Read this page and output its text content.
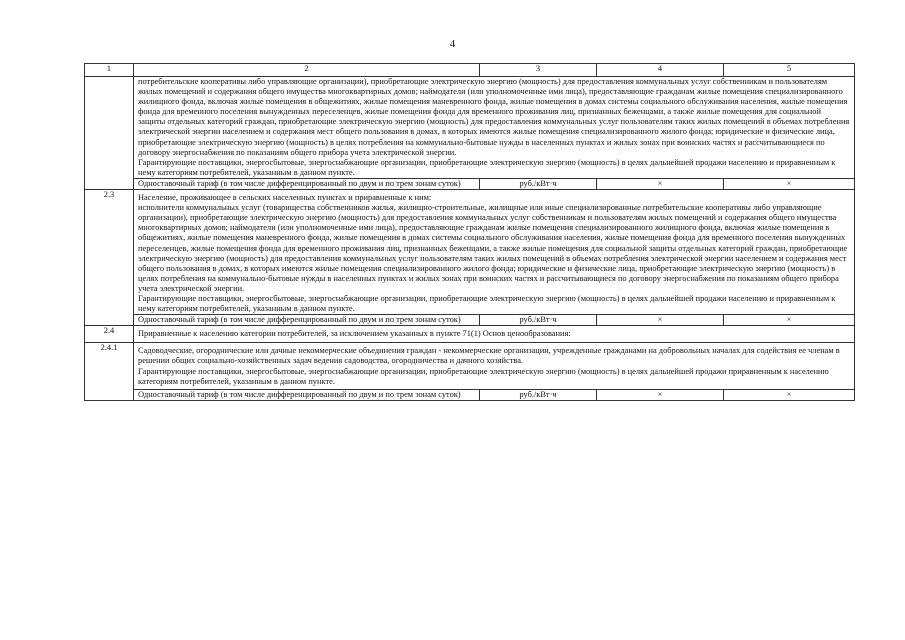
4
1	2	3	4	5

	потребительские кооперативы либо управляющие организации), приобретающие электрическую энергию (мощность) для предоставления коммунальных услуг собственникам и пользователям жилых помещений и содержания общего имущества многоквартирных домов; наймодатели (или уполномоченные ими лица), предоставляющие гражданам жилые помещения специализированного жилищного фонда, включая жилые помещения в общежитиях, жилые помещения маневренного фонда, жилые помещения в домах системы социального обслуживания населения, жилые помещения фонда для временного поселения вынужденных переселенцев, жилые помещения фонда для временного проживания лиц, признанных беженцами, а также жилые помещения для социальной защиты отдельных категорий граждан, приобретающие электрическую энергию (мощность) для предоставления коммунальных услуг пользователям таких жилых помещений в объемах потребления электрической энергии населением и содержания мест общего пользования в домах, в которых имеются жилые помещения специализированного жилого фонда; юридические и физические лица, приобретающие электрическую энергию (мощность) в целях потребления на коммунально-бытовые нужды в населенных пунктах и жилых зонах при воинских частях и рассчитывающиеся по договору энергоснабжения по показаниям общего прибора учета электрической энергии.

Гарантирующие поставщики, энергосбытовые, энергоснабжающие организации, приобретающие электрическую энергию (мощность) в целях дальнейшей продажи населению и приравненным к нему категориям потребителей, указанным в данном пункте.			

	Одноставочный тариф (в том числе дифференцированный по двум и по трем зонам суток)	руб./кВт·ч	×	×
2.3	Население, проживающее в сельских населенных пунктах и приравненные к ним:

исполнители коммунальных услуг (товарищества собственников жилья, жилищно-строительные, жилищные или иные специализированные потребительские кооперативы либо управляющие организации), приобретающие электрическую энергию (мощность) для предоставления коммунальных услуг собственникам и пользователям жилых помещений и содержания общего имущества многоквартирных домов; наймодатели (или уполномоченные ими лица), предоставляющие гражданам жилые помещения специализированного жилищного фонда, включая жилые помещения в общежитиях, жилые помещения маневренного фонда, жилые помещения в домах системы социального обслуживания населения, жилые помещения фонда для временного поселения вынужденных переселенцев, жилые помещения фонда для временного проживания лиц, признанных беженцами, а также жилые помещения для социальной защиты отдельных категорий граждан, приобретающие электрическую энергию (мощность) для предоставления коммунальных услуг пользователям таких жилых помещений в объемах потребления электрической энергии населением и содержания мест общего пользования в домах, в которых имеются жилые помещения специализированного жилого фонда; юридические и физические лица, приобретающие электрическую энергию (мощность) в целях потребления на коммунально-бытовые нужды в населенных пунктах и жилых зонах при воинских частях и рассчитывающиеся по договору энергоснабжения по показаниям общего прибора учета электрической энергии.

Гарантирующие поставщики, энергосбытовые, энергоснабжающие организации, приобретающие электрическую энергию (мощность) в целях дальнейшей продажи населению и приравненным к нему категориям потребителей, указанным в данном пункте.			

	Одноставочный тариф (в том числе дифференцированный по двум и по трем зонам суток)	руб./кВт·ч	×	×
2.4	Приравненные к населению категории потребителей, за исключением указанных в пункте 71(1) Основ ценообразования:			

2.4.1	Садоводческие, огороднические или дачные некоммерческие объединения граждан - некоммерческие организации, учрежденные гражданами на добровольных началах для содействия ее членам в решении общих социально-хозяйственных задач ведения садоводства, огородничества и дачного хозяйства.

Гарантирующие поставщики, энергосбытовые, энергоснабжающие организации, приобретающие электрическую энергию (мощность) в целях дальнейшей продажи приравненным к населению категориям потребителей, указанным в данном пункте.			

	Одноставочный тариф (в том числе дифференцированный по двум и по трем зонам суток)	руб./кВт·ч	×	×
